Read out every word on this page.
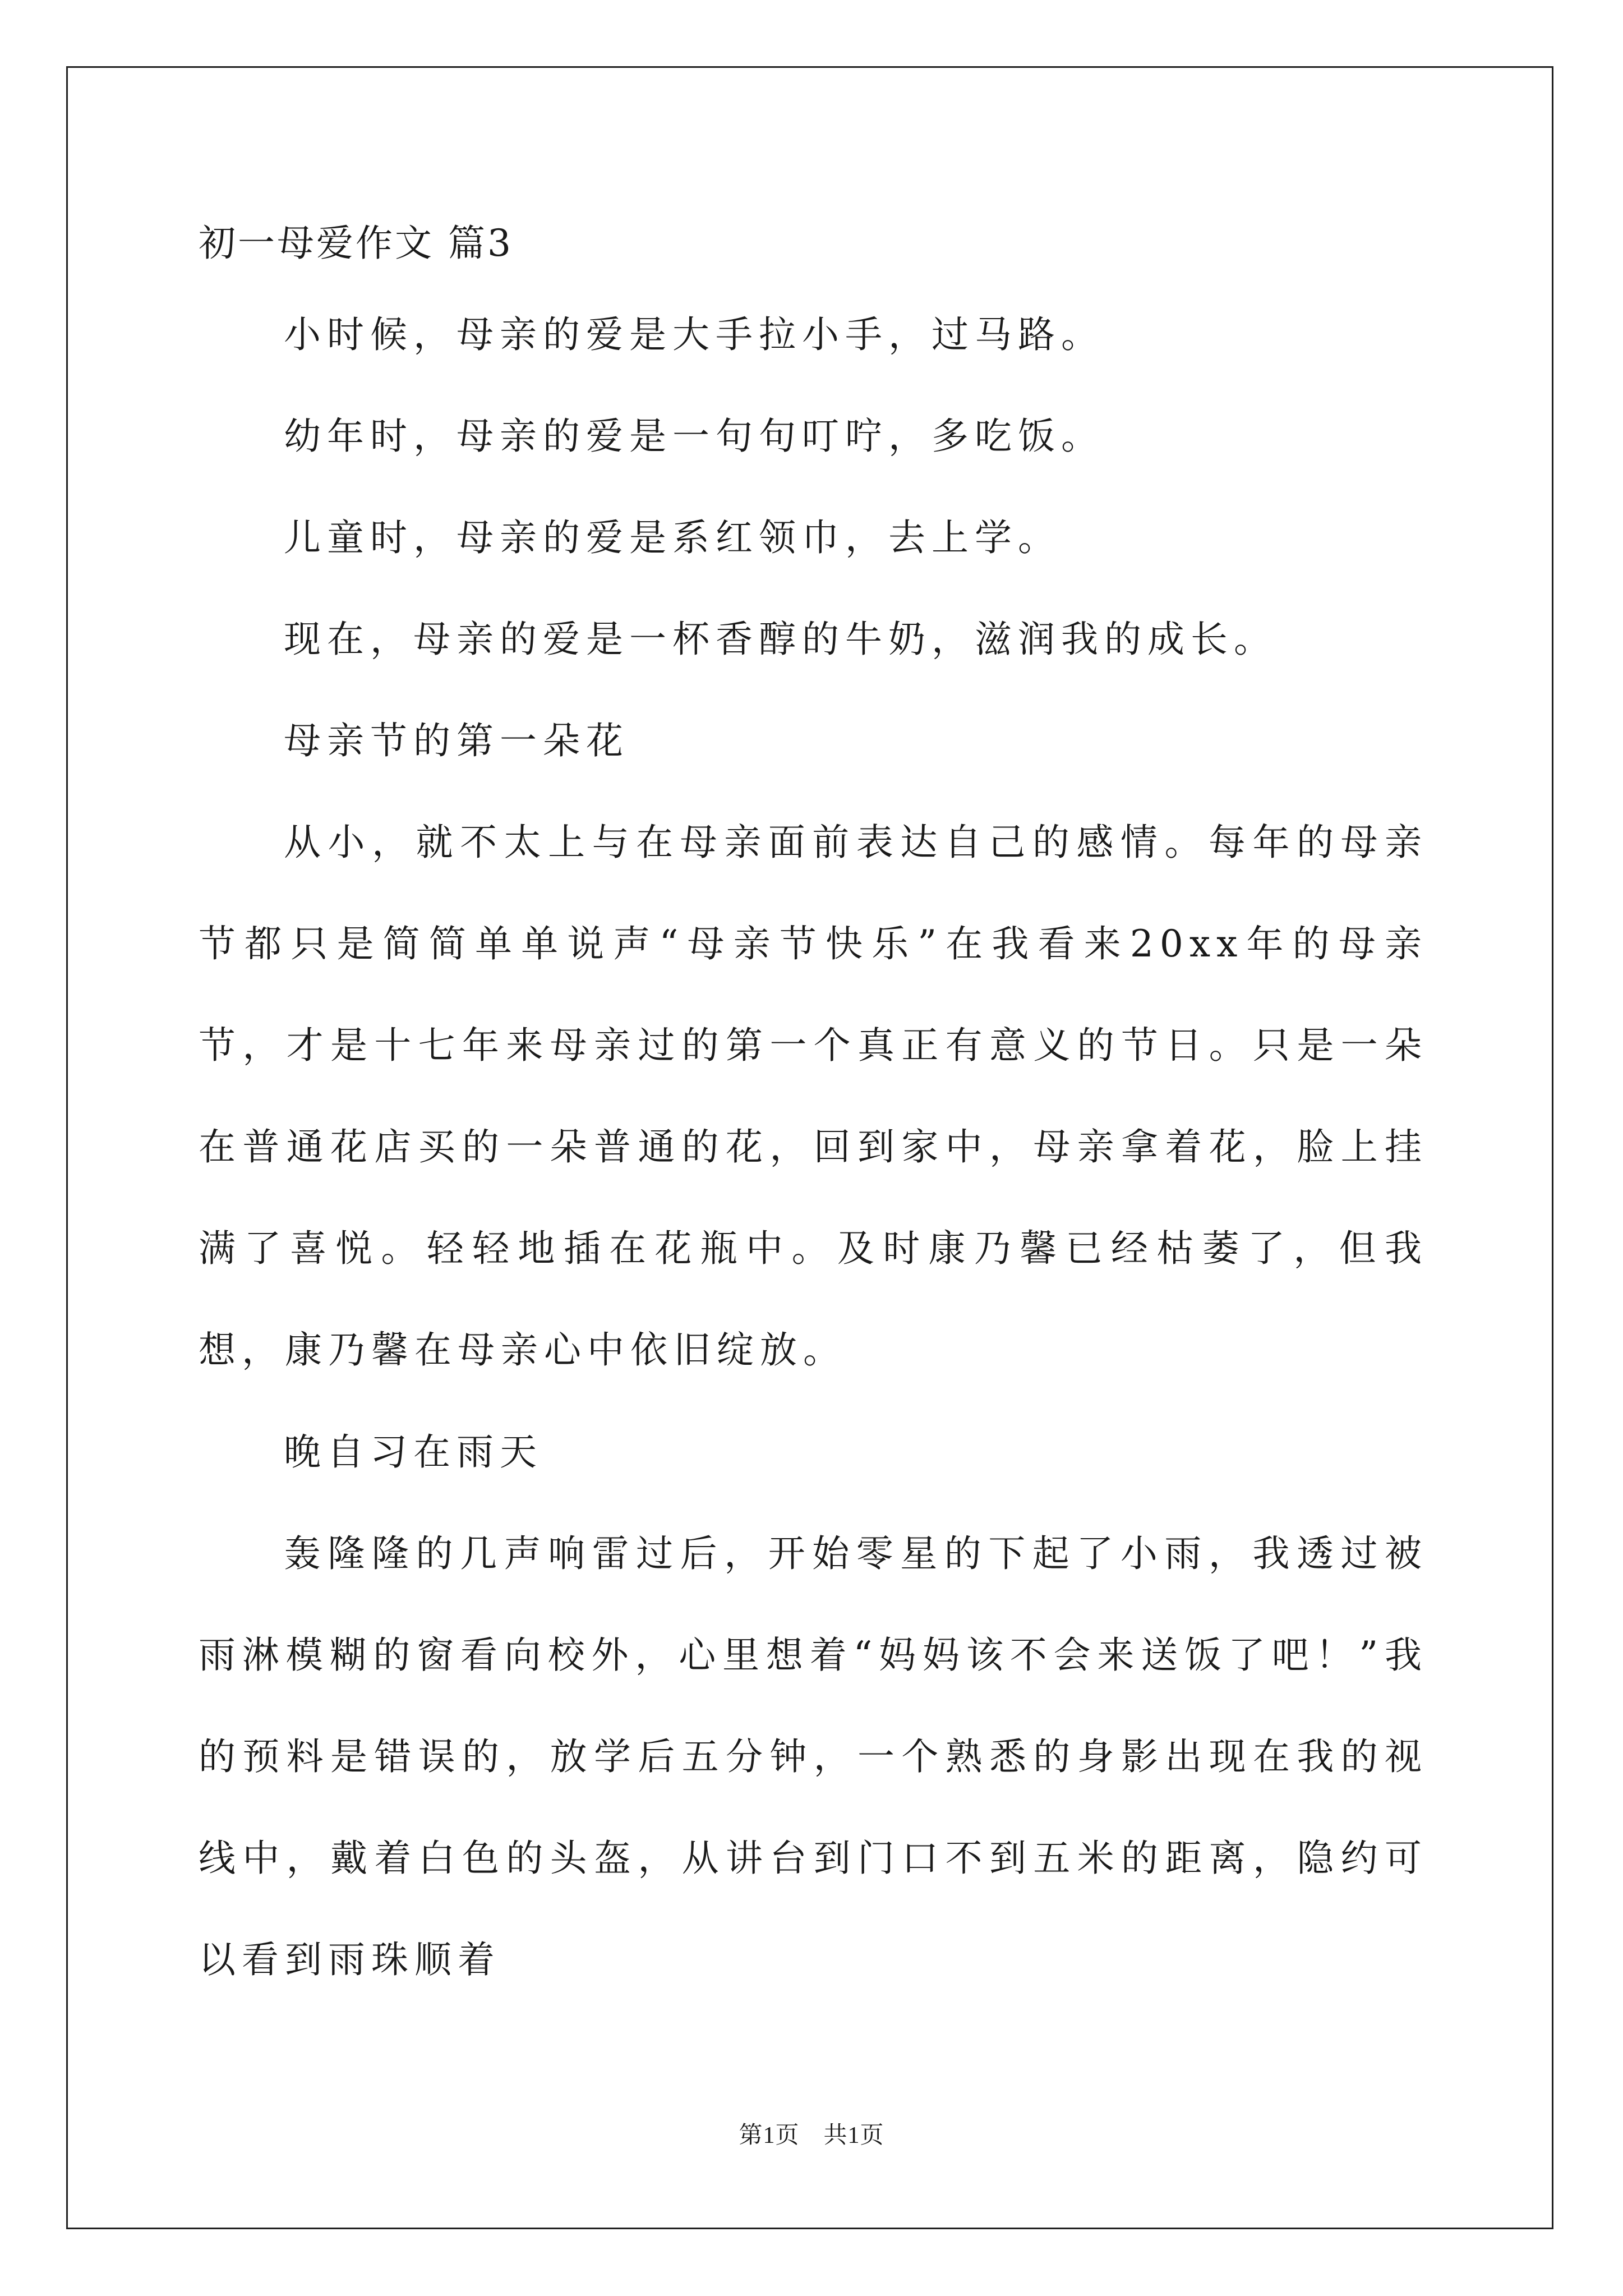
初一母爱作文 篇3

小时候，母亲的爱是大手拉小手，过马路。

幼年时，母亲的爱是一句句叮咛，多吃饭。

儿童时，母亲的爱是系红领巾，去上学。

现在，母亲的爱是一杯香醇的牛奶，滋润我的成长。

母亲节的第一朵花

从小，就不太上与在母亲面前表达自己的感情。每年的母亲节都只是简简单单说声“母亲节快乐”在我看来20xx年的母亲节，才是十七年来母亲过的第一个真正有意义的节日。只是一朵在普通花店买的一朵普通的花，回到家中，母亲拿着花，脸上挂满了喜悦。轻轻地插在花瓶中。及时康乃馨已经枯萎了，但我想，康乃馨在母亲心中依旧绽放。

晚自习在雨天

轰隆隆的几声响雷过后，开始零星的下起了小雨，我透过被雨淋模糊的窗看向校外，心里想着“妈妈该不会来送饭了吧！”我的预料是错误的，放学后五分钟，一个熟悉的身影出现在我的视线中，戴着白色的头盔，从讲台到门口不到五米的距离，隐约可以看到雨珠顺着

第1页　共1页
